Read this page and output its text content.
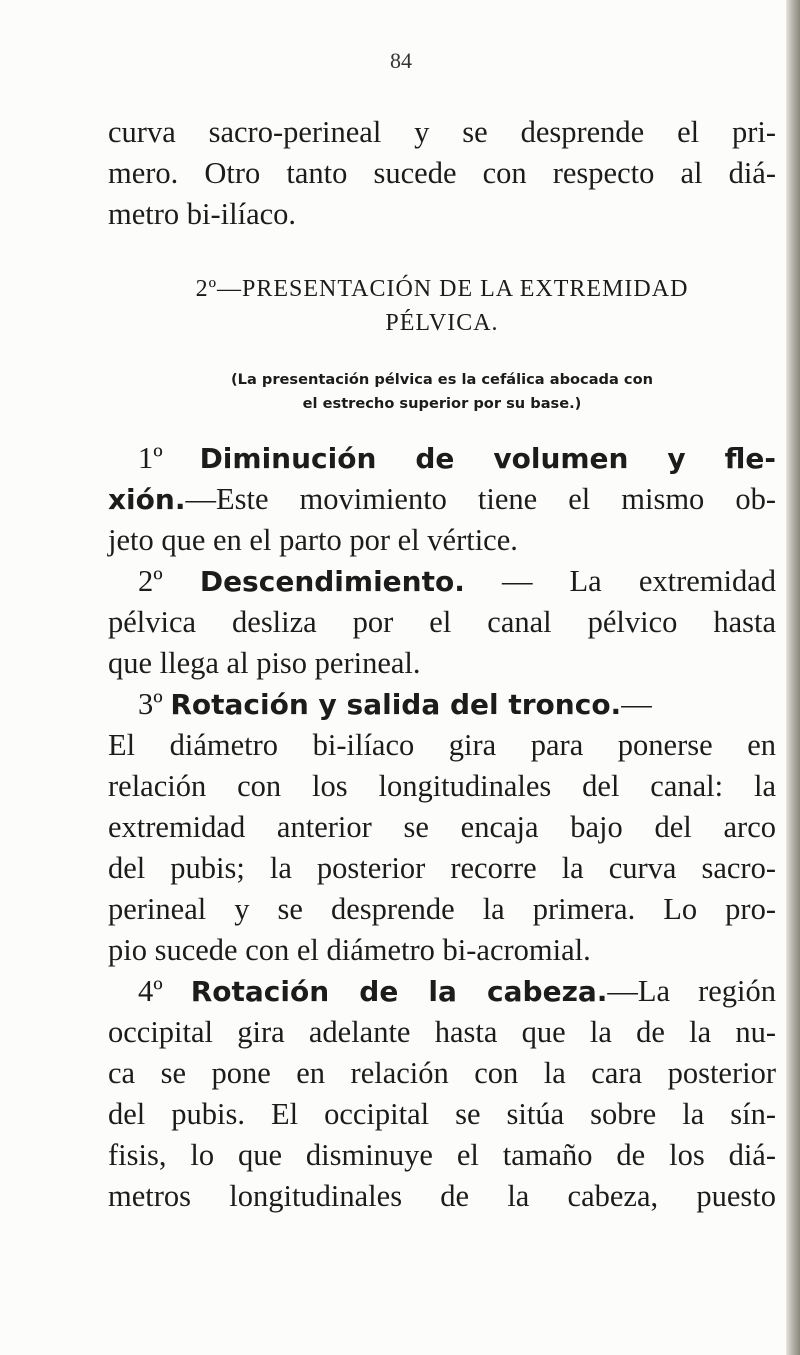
84
curva sacro-perineal y se desprende el pri-
mero. Otro tanto sucede con respecto al diá-
metro bi-ilíaco.
2º—PRESENTACIÓN DE LA EXTREMIDAD
PÉLVICA.
(La presentación pélvica es la cefálica abocada con
el estrecho superior por su base.)
1º Diminución de volumen y fle-
xión.—Este movimiento tiene el mismo ob-
jeto que en el parto por el vértice.
2º Descendimiento. — La extremidad
pélvica desliza por el canal pélvico hasta
que llega al piso perineal.
3º Rotación y salida del tronco.—
El diámetro bi-ilíaco gira para ponerse en
relación con los longitudinales del canal: la
extremidad anterior se encaja bajo del arco
del pubis; la posterior recorre la curva sacro-
perineal y se desprende la primera. Lo pro-
pio sucede con el diámetro bi-acromial.
4º Rotación de la cabeza.—La región
occipital gira adelante hasta que la de la nu-
ca se pone en relación con la cara posterior
del pubis. El occipital se sitúa sobre la sín-
fisis, lo que disminuye el tamaño de los diá-
metros longitudinales de la cabeza, puesto
